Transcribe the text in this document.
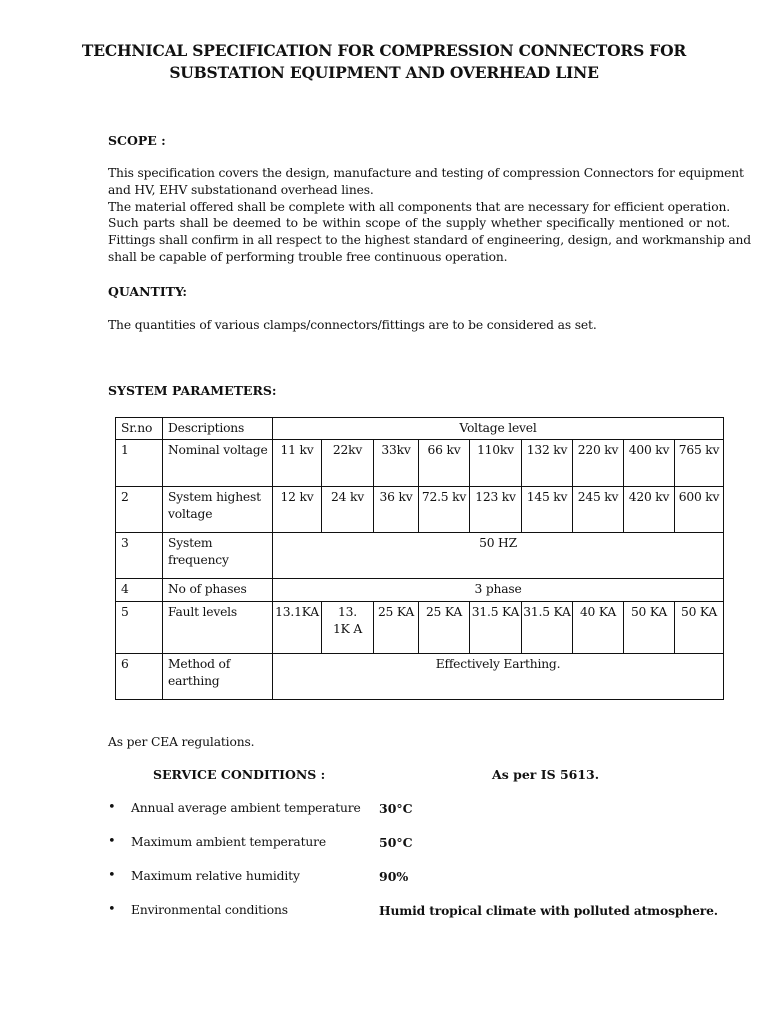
TECHNICAL SPECIFICATION FOR COMPRESSION CONNECTORS FOR
SUBSTATION EQUIPMENT AND OVERHEAD LINE
SCOPE :
This specification covers the design, manufacture and testing of compression Connectors for equipment
and HV, EHV substationand overhead lines.
The material offered shall be complete with all components that are necessary for efficient operation.
Such parts shall be deemed to be within scope of the supply whether specifically mentioned or not.
Fittings shall confirm in all respect to the highest standard of engineering, design, and workmanship and
shall be capable of performing trouble free continuous operation.
QUANTITY:
The quantities of various clamps/connectors/fittings are to be considered as set.
SYSTEM PARAMETERS:
Sr.no	Descriptions	Voltage level								
1	Nominal voltage	11 kv	22kv	33kv	66 kv	110kv	132 kv	220 kv	400 kv	765 kv
2	System highest voltage	12 kv	24 kv	36 kv	72.5 kv	123 kv	145 kv	245 kv	420 kv	600 kv
3	System frequency	50 HZ								
4	No of phases	3 phase								
5	Fault levels	13.1KA	13. 1K A	25 KA	25 KA	31.5 KA	31.5 KA	40 KA	50 KA	50 KA
6	Method of earthing	Effectively Earthing.								
As per CEA regulations.
SERVICE CONDITIONS :	As per IS 5613.
• Annual average ambient temperature 30°C
• Maximum ambient temperature	50°C
• Maximum relative humidity	90%
• Environmental conditions	Humid tropical climate with polluted atmosphere.
